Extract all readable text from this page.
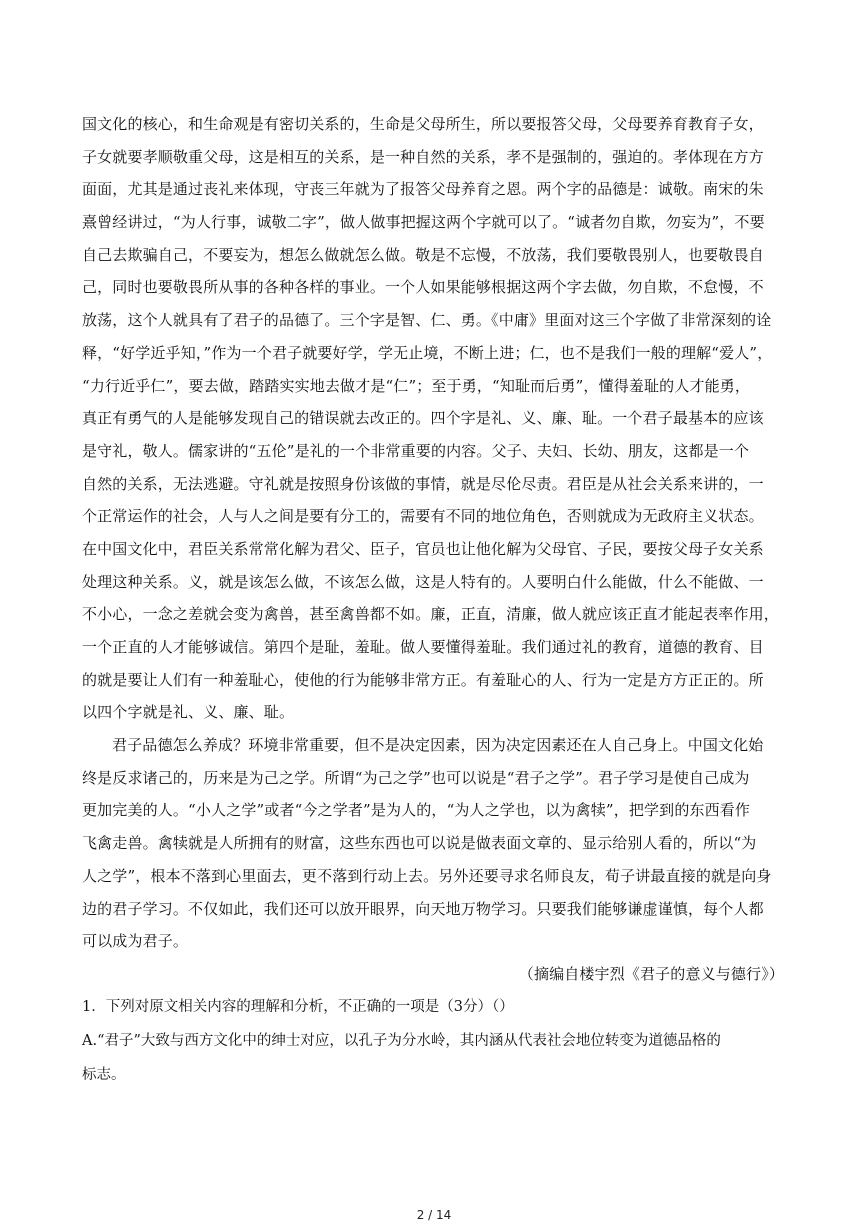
国文化的核心，和生命观是有密切关系的，生命是父母所生，所以要报答父母，父母要养育教育子女，
子女就要孝顺敬重父母，这是相互的关系，是一种自然的关系，孝不是强制的，强迫的。孝体现在方方
面面，尤其是通过丧礼来体现，守丧三年就为了报答父母养育之恩。两个字的品德是：诚敬。南宋的朱
熹曾经讲过，“为人行事，诚敬二字”，做人做事把握这两个字就可以了。“诚者勿自欺，勿妄为”，不要
自己去欺骗自己，不要妄为，想怎么做就怎么做。敬是不忘慢，不放荡，我们要敬畏别人，也要敬畏自
己，同时也要敬畏所从事的各种各样的事业。一个人如果能够根据这两个字去做，勿自欺，不怠慢，不
放荡，这个人就具有了君子的品德了。三个字是智、仁、勇。《中庸》里面对这三个字做了非常深刻的诠
释，“好学近乎知，”作为一个君子就要好学，学无止境，不断上进；仁，也不是我们一般的理解“爱人”，
“力行近乎仁”，要去做，踏踏实实地去做才是“仁”；至于勇，“知耻而后勇”，懂得羞耻的人才能勇，
真正有勇气的人是能够发现自己的错误就去改正的。四个字是礼、义、廉、耻。一个君子最基本的应该
是守礼，敬人。儒家讲的“五伦”是礼的一个非常重要的内容。父子、夫妇、长幼、朋友，这都是一个
自然的关系，无法逃避。守礼就是按照身份该做的事情，就是尽伦尽责。君臣是从社会关系来讲的，一
个正常运作的社会，人与人之间是要有分工的，需要有不同的地位角色，否则就成为无政府主义状态。
在中国文化中，君臣关系常常化解为君父、臣子，官员也让他化解为父母官、子民，要按父母子女关系
处理这种关系。义，就是该怎么做，不该怎么做，这是人特有的。人要明白什么能做，什么不能做、一
不小心，一念之差就会变为禽兽，甚至禽兽都不如。廉，正直，清廉，做人就应该正直才能起表率作用，
一个正直的人才能够诚信。第四个是耻，羞耻。做人要懂得羞耻。我们通过礼的教育，道德的教育、目
的就是要让人们有一种羞耻心，使他的行为能够非常方正。有羞耻心的人、行为一定是方方正正的。所
以四个字就是礼、义、廉、耻。
君子品德怎么养成？环境非常重要，但不是决定因素，因为决定因素还在人自己身上。中国文化始
终是反求诸己的，历来是为己之学。所谓“为己之学”也可以说是“君子之学”。君子学习是使自己成为
更加完美的人。“小人之学”或者“今之学者”是为人的，“为人之学也，以为禽犊”，把学到的东西看作
飞禽走兽。禽犊就是人所拥有的财富，这些东西也可以说是做表面文章的、显示给别人看的，所以“为
人之学”，根本不落到心里面去，更不落到行动上去。另外还要寻求名师良友，荀子讲最直接的就是向身
边的君子学习。不仅如此，我们还可以放开眼界，向天地万物学习。只要我们能够谦虚谨慎，每个人都
可以成为君子。
（摘编自楼宇烈《君子的意义与德行》）
1．下列对原文相关内容的理解和分析，不正确的一项是（3分）（）
A.“君子”大致与西方文化中的绅士对应，以孔子为分水岭，其内涵从代表社会地位转变为道德品格的
标志。
2 / 14
